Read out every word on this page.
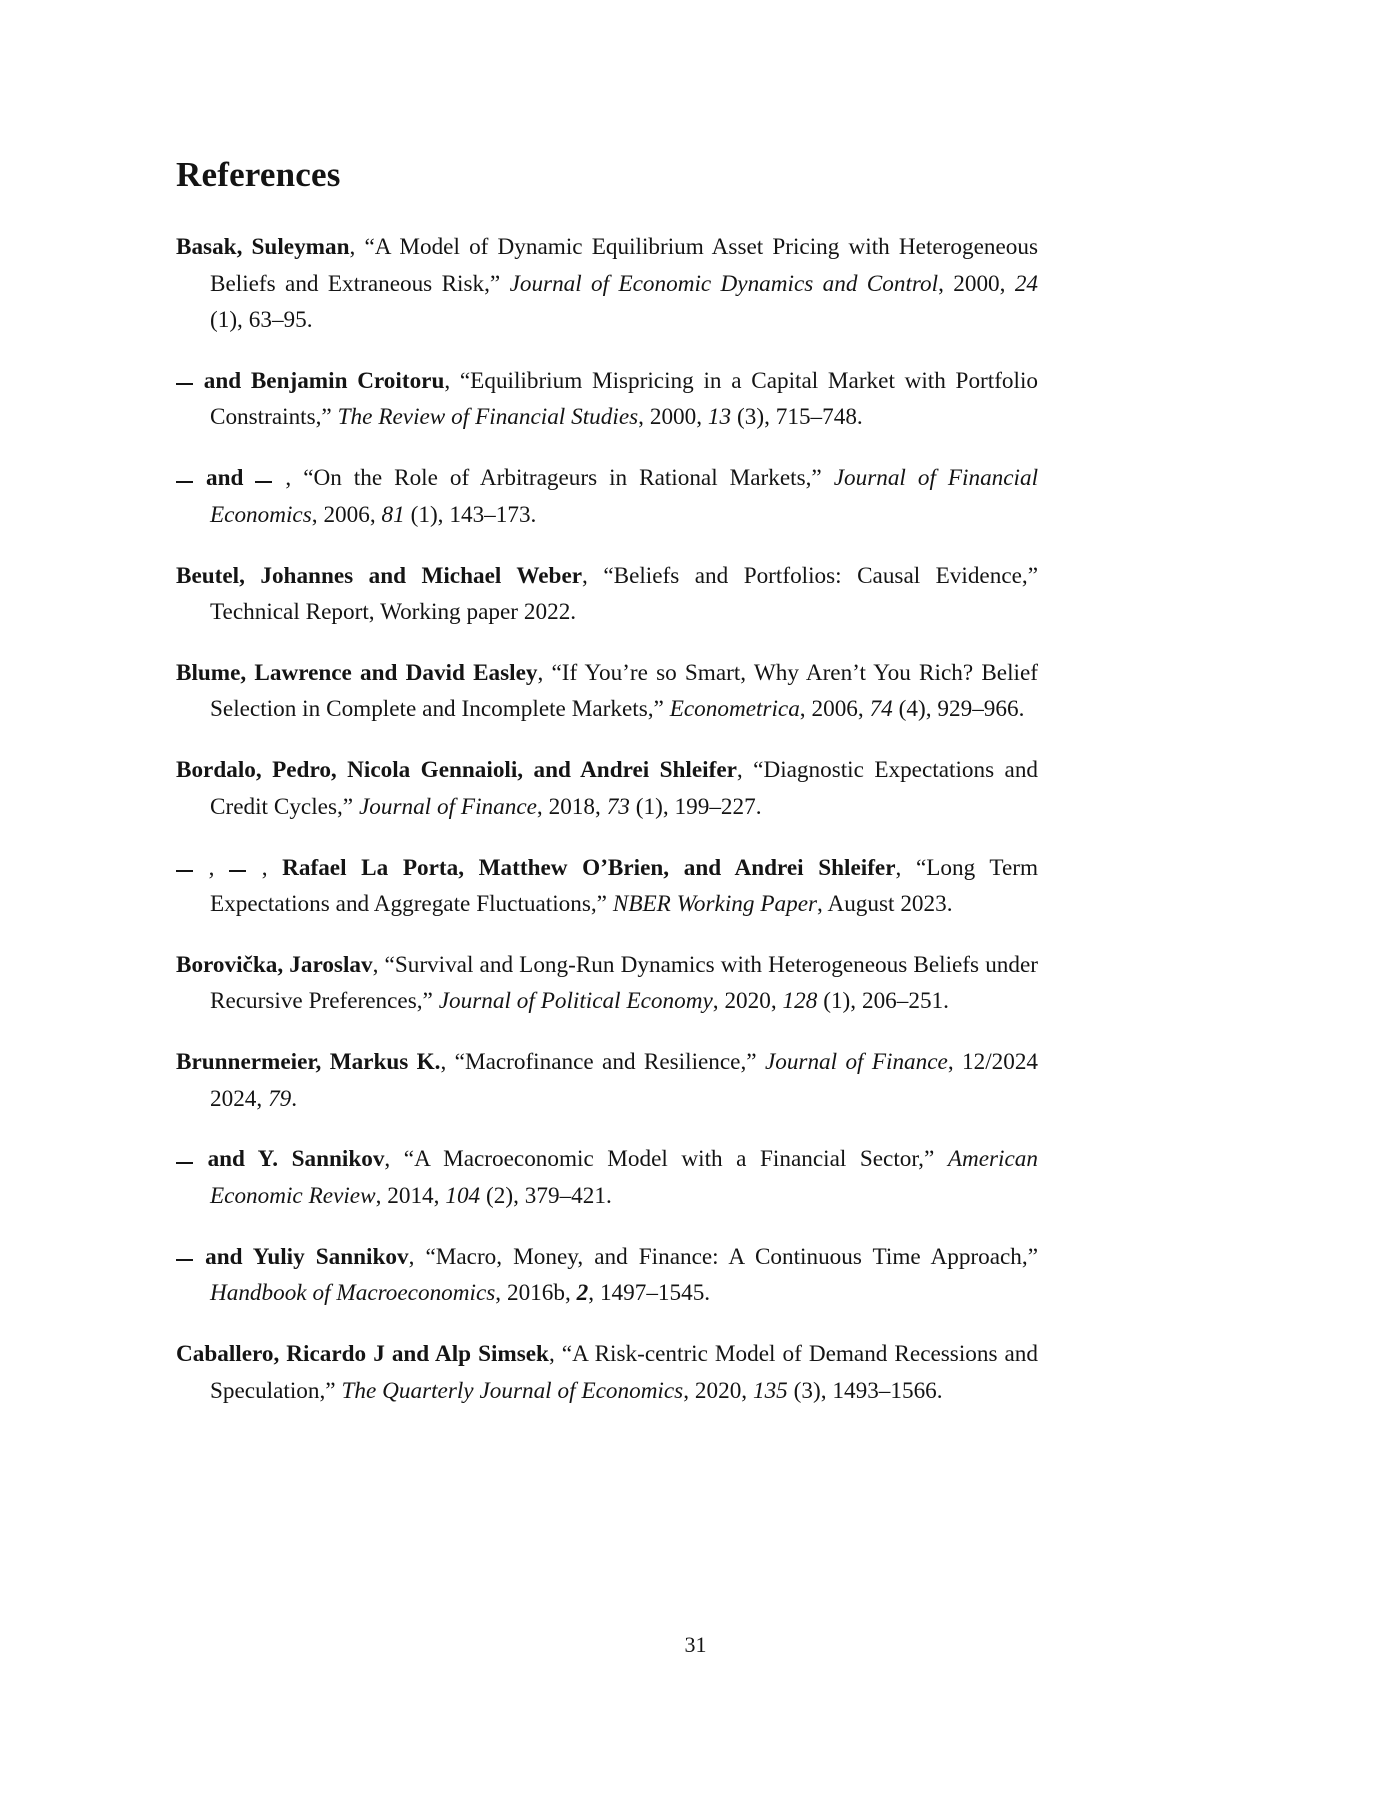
References

Basak, Suleyman, “A Model of Dynamic Equilibrium Asset Pricing with Heterogeneous Beliefs and Extraneous Risk,” Journal of Economic Dynamics and Control, 2000, 24 (1), 63–95.

and Benjamin Croitoru, “Equilibrium Mispricing in a Capital Market with Portfolio Constraints,” The Review of Financial Studies, 2000, 13 (3), 715–748.

and , “On the Role of Arbitrageurs in Rational Markets,” Journal of Financial Economics, 2006, 81 (1), 143–173.

Beutel, Johannes and Michael Weber, “Beliefs and Portfolios: Causal Evidence,” Technical Report, Working paper 2022.

Blume, Lawrence and David Easley, “If You’re so Smart, Why Aren’t You Rich? Belief Selection in Complete and Incomplete Markets,” Econometrica, 2006, 74 (4), 929–966.

Bordalo, Pedro, Nicola Gennaioli, and Andrei Shleifer, “Diagnostic Expectations and Credit Cycles,” Journal of Finance, 2018, 73 (1), 199–227.

,  , Rafael La Porta, Matthew O’Brien, and Andrei Shleifer, “Long Term Expectations and Aggregate Fluctuations,” NBER Working Paper, August 2023.

Borovička, Jaroslav, “Survival and Long-Run Dynamics with Heterogeneous Beliefs under Recursive Preferences,” Journal of Political Economy, 2020, 128 (1), 206–251.

Brunnermeier, Markus K., “Macrofinance and Resilience,” Journal of Finance, 12/2024 2024, 79.

and Y. Sannikov, “A Macroeconomic Model with a Financial Sector,” American Economic Review, 2014, 104 (2), 379–421.

and Yuliy Sannikov, “Macro, Money, and Finance: A Continuous Time Approach,” Handbook of Macroeconomics, 2016b, 2, 1497–1545.

Caballero, Ricardo J and Alp Simsek, “A Risk-centric Model of Demand Recessions and Speculation,” The Quarterly Journal of Economics, 2020, 135 (3), 1493–1566.

31
